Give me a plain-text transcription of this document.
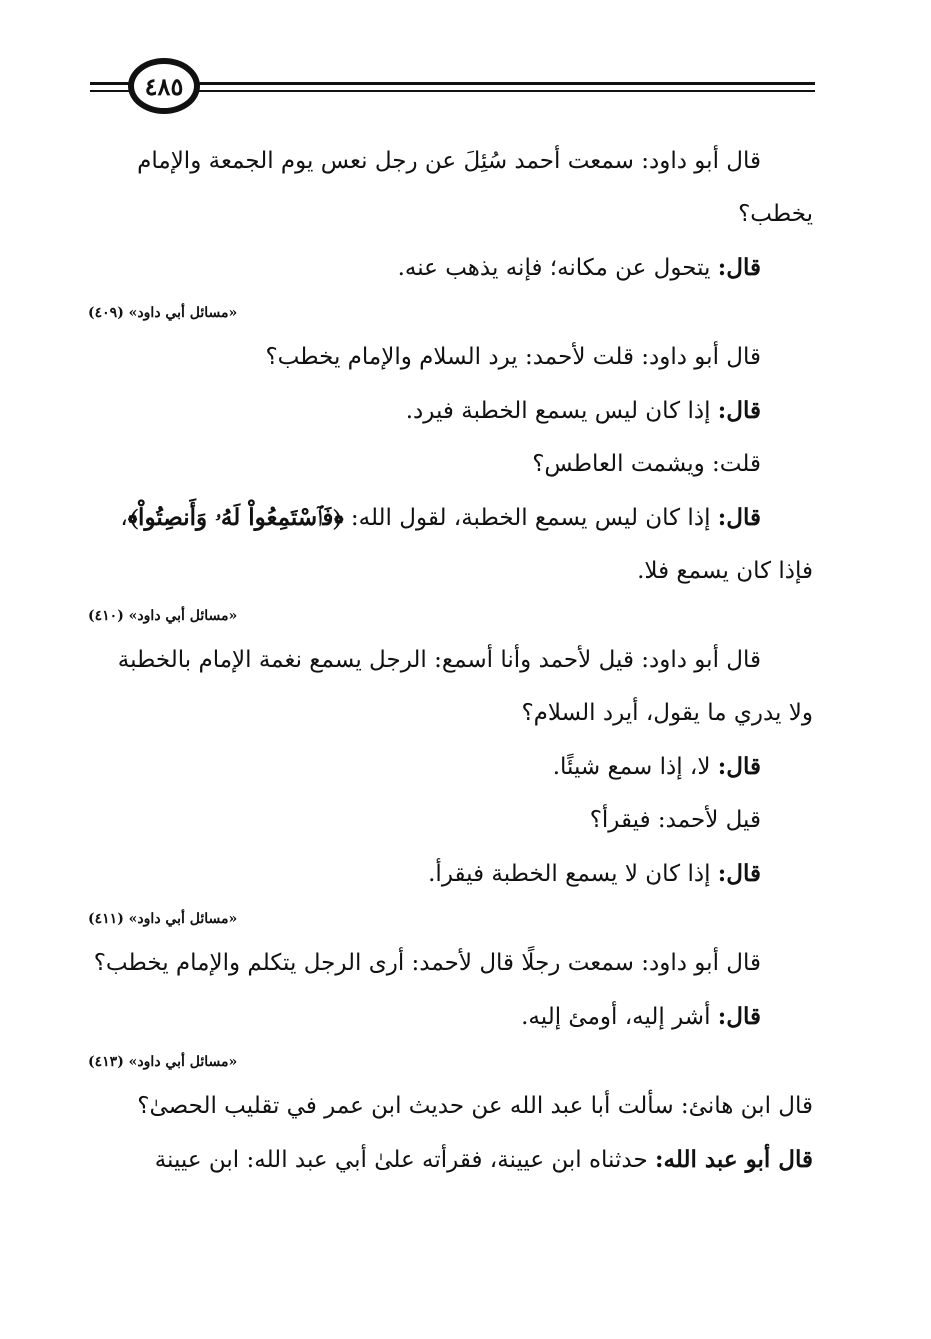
٤٨٥

قال أبو داود: سمعت أحمد سُئِلَ عن رجل نعس يوم الجمعة والإمام يخطب؟

قال: يتحول عن مكانه؛ فإنه يذهب عنه.

«مسائل أبي داود» (٤٠٩)

قال أبو داود: قلت لأحمد: يرد السلام والإمام يخطب؟

قال: إذا كان ليس يسمع الخطبة فيرد.

قلت: ويشمت العاطس؟

قال: إذا كان ليس يسمع الخطبة، لقول الله: ﴿فَٱسْتَمِعُواْ لَهُۥ وَأَنصِتُواْ﴾، فإذا كان يسمع فلا.

«مسائل أبي داود» (٤١٠)

قال أبو داود: قيل لأحمد وأنا أسمع: الرجل يسمع نغمة الإمام بالخطبة ولا يدري ما يقول، أيرد السلام؟

قال: لا، إذا سمع شيئًا.

قيل لأحمد: فيقرأ؟

قال: إذا كان لا يسمع الخطبة فيقرأ.

«مسائل أبي داود» (٤١١)

قال أبو داود: سمعت رجلًا قال لأحمد: أرى الرجل يتكلم والإمام يخطب؟

قال: أشر إليه، أومئ إليه.

«مسائل أبي داود» (٤١٣)

قال ابن هانئ: سألت أبا عبد الله عن حديث ابن عمر في تقليب الحصىٰ؟

قال أبو عبد الله: حدثناه ابن عيينة، فقرأته علىٰ أبي عبد الله: ابن عيينة
